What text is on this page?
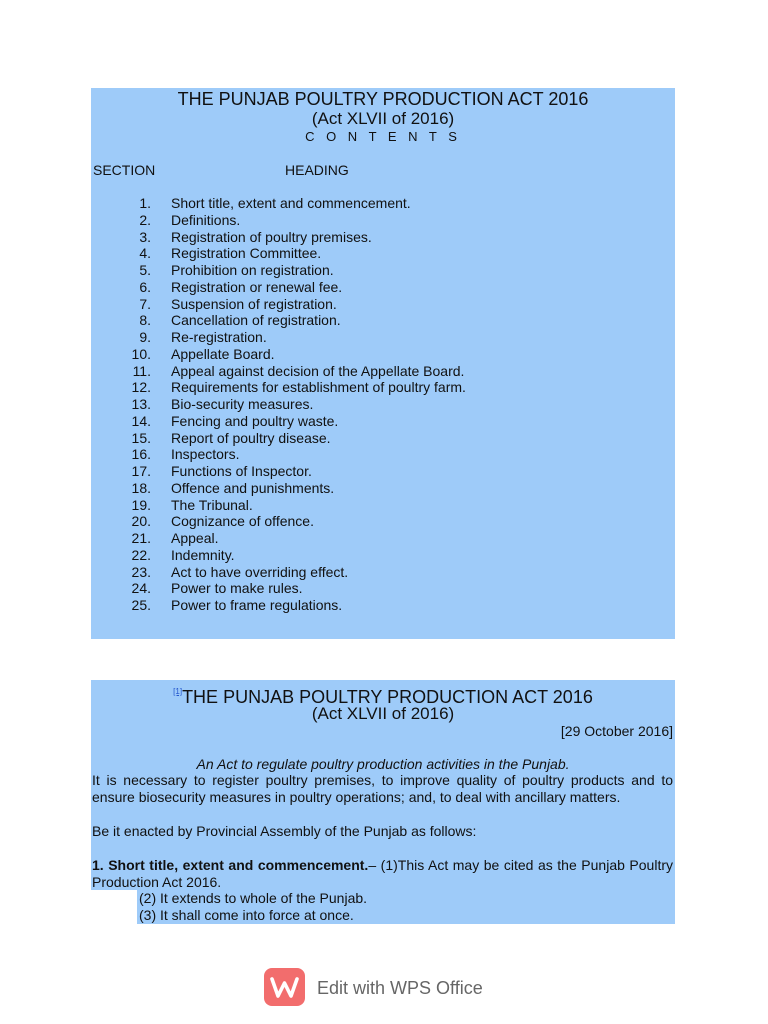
THE PUNJAB POULTRY PRODUCTION ACT 2016
(Act XLVII of 2016)
C O N T E N T S
SECTION	HEADING
1. Short title, extent and commencement.
2. Definitions.
3. Registration of poultry premises.
4. Registration Committee.
5. Prohibition on registration.
6. Registration or renewal fee.
7. Suspension of registration.
8. Cancellation of registration.
9. Re-registration.
10. Appellate Board.
11. Appeal against decision of the Appellate Board.
12. Requirements for establishment of poultry farm.
13. Bio-security measures.
14. Fencing and poultry waste.
15. Report of poultry disease.
16. Inspectors.
17. Functions of Inspector.
18. Offence and punishments.
19. The Tribunal.
20. Cognizance of offence.
21. Appeal.
22. Indemnity.
23. Act to have overriding effect.
24. Power to make rules.
25. Power to frame regulations.
[1]THE PUNJAB POULTRY PRODUCTION ACT 2016
(Act XLVII of 2016)
[29 October 2016]
An Act to regulate poultry production activities in the Punjab.
It is necessary to register poultry premises, to improve quality of poultry products and to ensure biosecurity measures in poultry operations; and, to deal with ancillary matters.
Be it enacted by Provincial Assembly of the Punjab as follows:
1. Short title, extent and commencement.– (1)This Act may be cited as the Punjab Poultry Production Act 2016.
(2) It extends to whole of the Punjab.
(3) It shall come into force at once.
Edit with WPS Office
